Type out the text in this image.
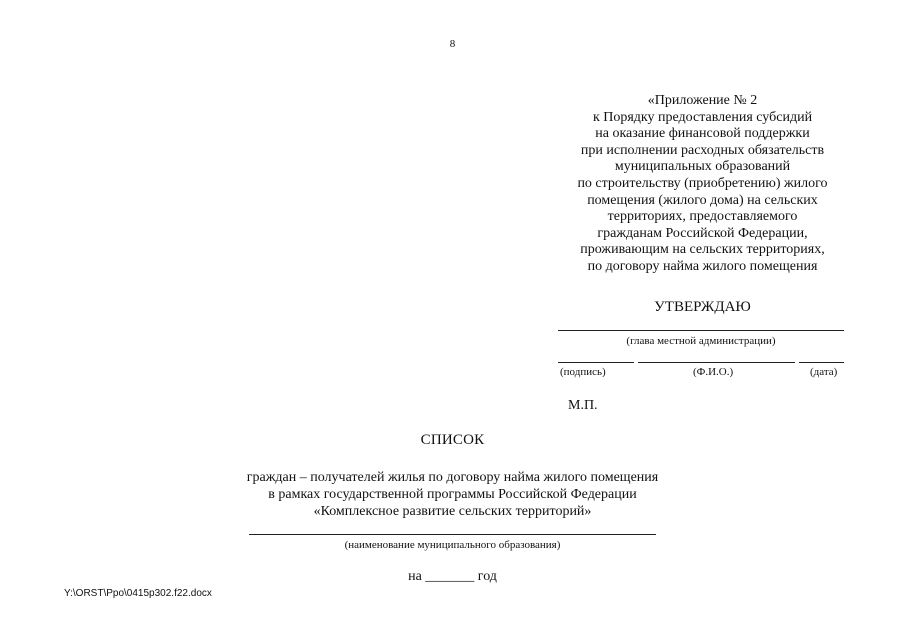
8
«Приложение № 2
к Порядку предоставления субсидий
на оказание финансовой поддержки
при исполнении расходных обязательств
муниципальных образований
по строительству (приобретению) жилого
помещения (жилого дома) на сельских
территориях, предоставляемого
гражданам Российской Федерации,
проживающим на сельских территориях,
по договору найма жилого помещения
УТВЕРЖДАЮ
(глава местной администрации)
(подпись)	(Ф.И.О.)	(дата)
М.П.
СПИСОК
граждан – получателей жилья по договору найма жилого помещения
в рамках государственной программы Российской Федерации
«Комплексное развитие сельских территорий»
(наименование муниципального образования)
на _______ год
Y:\ORST\Ppo\0415p302.f22.docx
